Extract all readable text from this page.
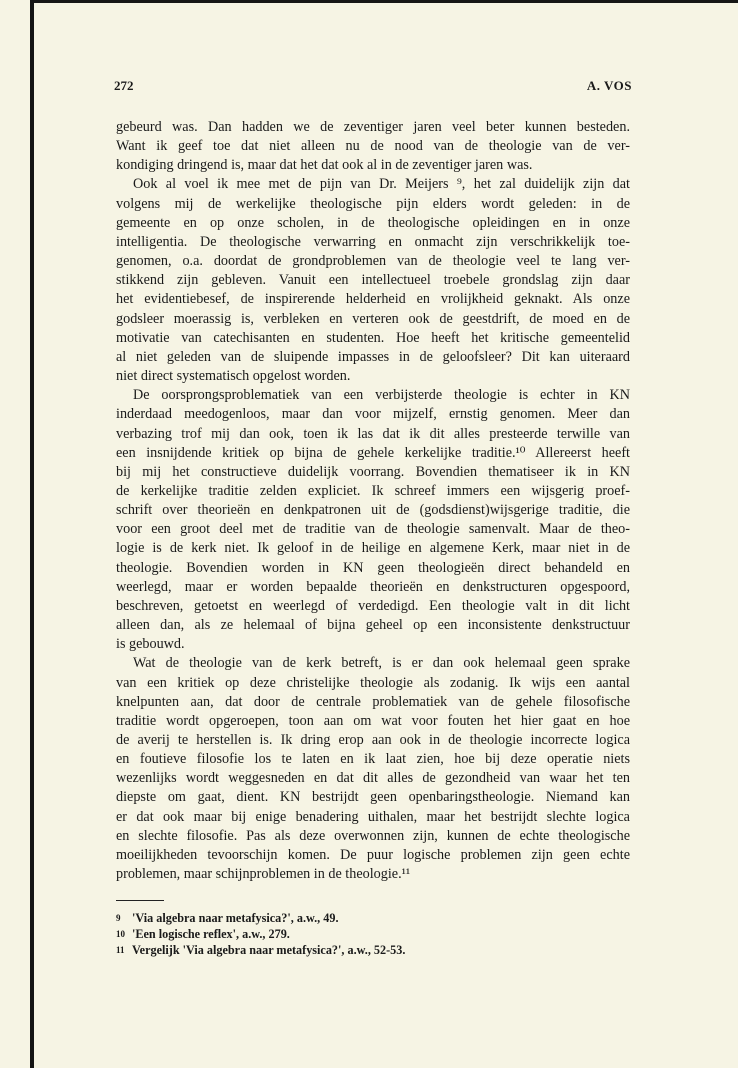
272	A. VOS
gebeurd was. Dan hadden we de zeventiger jaren veel beter kunnen besteden.
Want ik geef toe dat niet alleen nu de nood van de theologie van de ver-
kondiging dringend is, maar dat het dat ook al in de zeventiger jaren was.
Ook al voel ik mee met de pijn van Dr. Meijers ⁹, het zal duidelijk zijn dat
volgens mij de werkelijke theologische pijn elders wordt geleden: in de
gemeente en op onze scholen, in de theologische opleidingen en in onze
intelligentia. De theologische verwarring en onmacht zijn verschrikkelijk toe-
genomen, o.a. doordat de grondproblemen van de theologie veel te lang ver-
stikkend zijn gebleven. Vanuit een intellectueel troebele grondslag zijn daar
het evidentiebesef, de inspirerende helderheid en vrolijkheid geknakt. Als onze
godsleer moerassig is, verbleken en verteren ook de geestdrift, de moed en de
motivatie van catechisanten en studenten. Hoe heeft het kritische gemeentelid
al niet geleden van de sluipende impasses in de geloofsleer? Dit kan uiteraard
niet direct systematisch opgelost worden.
De oorsprongsproblematiek van een verbijsterde theologie is echter in KN
inderdaad meedogenloos, maar dan voor mijzelf, ernstig genomen. Meer dan
verbazing trof mij dan ook, toen ik las dat ik dit alles presteerde terwille van
een insnijdende kritiek op bijna de gehele kerkelijke traditie.¹⁰ Allereerst heeft
bij mij het constructieve duidelijk voorrang. Bovendien thematiseer ik in KN
de kerkelijke traditie zelden expliciet. Ik schreef immers een wijsgerig proef-
schrift over theorieën en denkpatronen uit de (godsdienst)wijsgerige traditie, die
voor een groot deel met de traditie van de theologie samenvalt. Maar de theo-
logie is de kerk niet. Ik geloof in de heilige en algemene Kerk, maar niet in de
theologie. Bovendien worden in KN geen theologieën direct behandeld en
weerlegd, maar er worden bepaalde theorieën en denkstructuren opgespoord,
beschreven, getoetst en weerlegd of verdedigd. Een theologie valt in dit licht
alleen dan, als ze helemaal of bijna geheel op een inconsistente denkstructuur
is gebouwd.
Wat de theologie van de kerk betreft, is er dan ook helemaal geen sprake
van een kritiek op deze christelijke theologie als zodanig. Ik wijs een aantal
knelpunten aan, dat door de centrale problematiek van de gehele filosofische
traditie wordt opgeroepen, toon aan om wat voor fouten het hier gaat en hoe
de averij te herstellen is. Ik dring erop aan ook in de theologie incorrecte logica
en foutieve filosofie los te laten en ik laat zien, hoe bij deze operatie niets
wezenlijks wordt weggesneden en dat dit alles de gezondheid van waar het ten
diepste om gaat, dient. KN bestrijdt geen openbaringstheologie. Niemand kan
er dat ook maar bij enige benadering uithalen, maar het bestrijdt slechte logica
en slechte filosofie. Pas als deze overwonnen zijn, kunnen de echte theologische
moeilijkheden tevoorschijn komen. De puur logische problemen zijn geen echte
problemen, maar schijnproblemen in de theologie.¹¹
9 'Via algebra naar metafysica?', a.w., 49.
10 'Een logische reflex', a.w., 279.
11 Vergelijk 'Via algebra naar metafysica?', a.w., 52-53.
